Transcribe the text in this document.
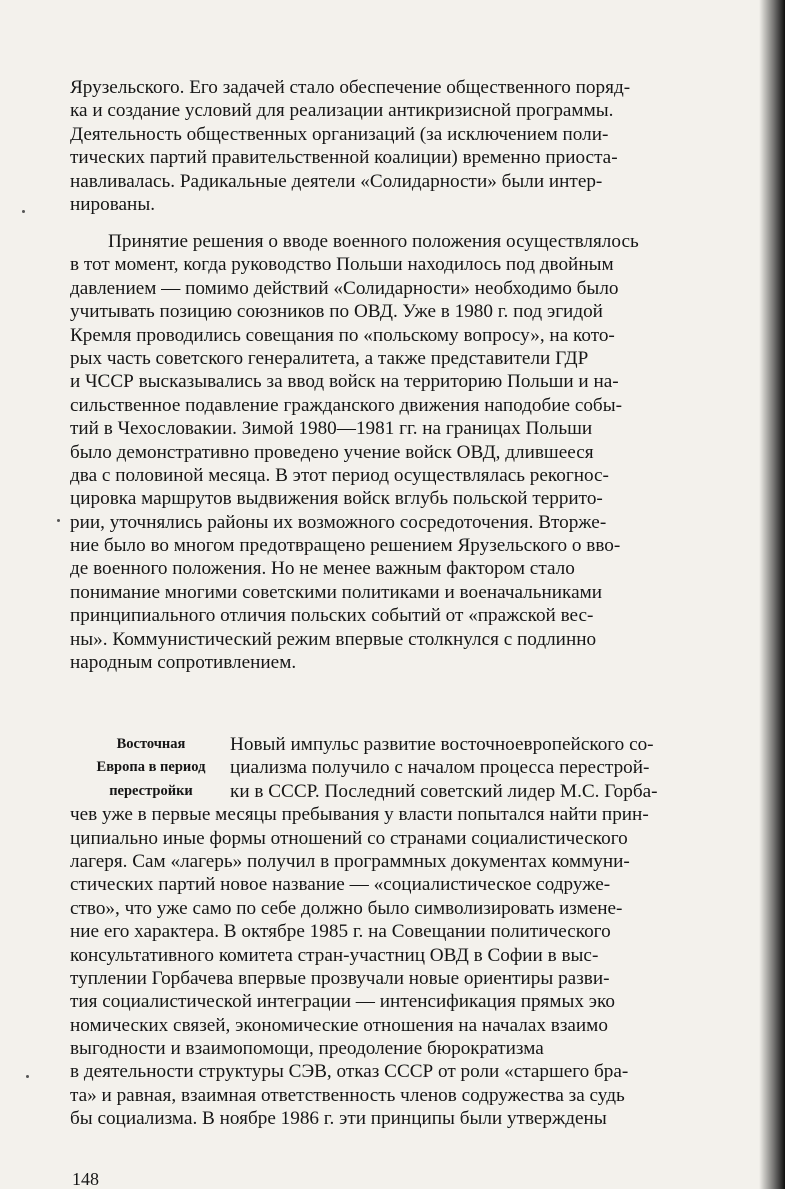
Ярузельского. Его задачей стало обеспечение общественного поряд-
ка и создание условий для реализации антикризисной программы.
Деятельность общественных организаций (за исключением поли-
тических партий правительственной коалиции) временно приоста-
навливалась. Радикальные деятели «Солидарности» были интер-
нированы.
Принятие решения о вводе военного положения осуществлялось
в тот момент, когда руководство Польши находилось под двойным
давлением — помимо действий «Солидарности» необходимо было
учитывать позицию союзников по ОВД. Уже в 1980 г. под эгидой
Кремля проводились совещания по «польскому вопросу», на кото-
рых часть советского генералитета, а также представители ГДР
и ЧССР высказывались за ввод войск на территорию Польши и на-
сильственное подавление гражданского движения наподобие собы-
тий в Чехословакии. Зимой 1980—1981 гг. на границах Польши
было демонстративно проведено учение войск ОВД, длившееся
два с половиной месяца. В этот период осуществлялась рекогнос-
цировка маршрутов выдвижения войск вглубь польской террито-
рии, уточнялись районы их возможного сосредоточения. Вторже-
ние было во многом предотвращено решением Ярузельского о вво-
де военного положения. Но не менее важным фактором стало
понимание многими советскими политиками и военачальниками
принципиального отличия польских событий от «пражской вес-
ны». Коммунистический режим впервые столкнулся с подлинно
народным сопротивлением.
Восточная
Европа в период
перестройки
Новый импульс развитие восточноевропейского со-
циализма получило с началом процесса перестрой-
ки в СССР. Последний советский лидер М.С. Горба-
чев уже в первые месяцы пребывания у власти попытался найти прин-
ципиально иные формы отношений со странами социалистического
лагеря. Сам «лагерь» получил в программных документах коммуни-
стических партий новое название — «социалистическое содруже-
ство», что уже само по себе должно было символизировать измене-
ние его характера. В октябре 1985 г. на Совещании политического
консультативного комитета стран-участниц ОВД в Софии в выс-
туплении Горбачева впервые прозвучали новые ориентиры разви-
тия социалистической интеграции — интенсификация прямых эко
номических связей, экономические отношения на началах взаимо
выгодности и взаимопомощи, преодоление бюрократизма
в деятельности структуры СЭВ, отказ СССР от роли «старшего бра-
та» и равная, взаимная ответственность членов содружества за судь
бы социализма. В ноябре 1986 г. эти принципы были утверждены
148
